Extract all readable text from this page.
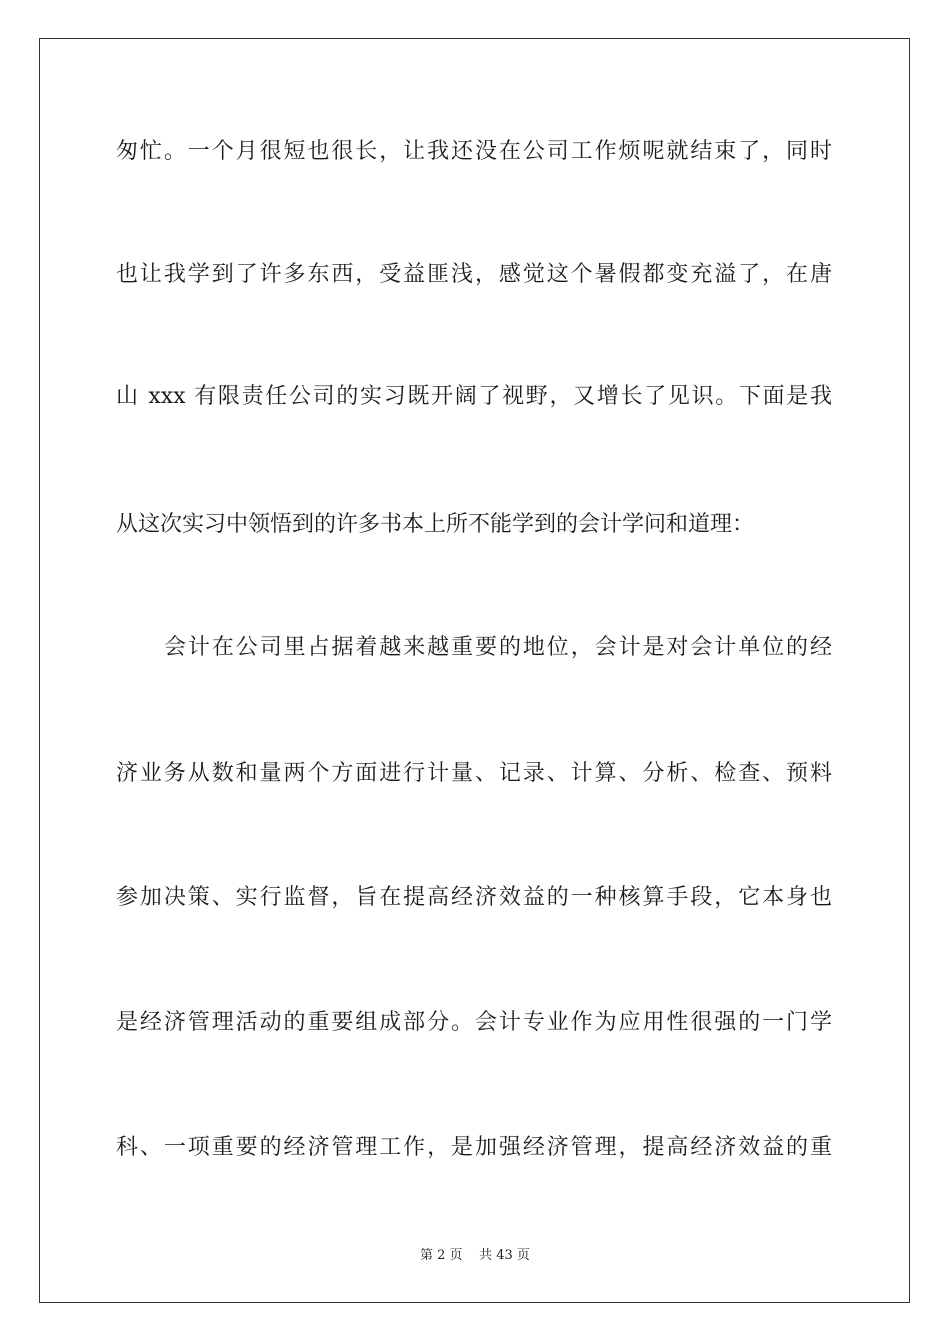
匆忙。一个月很短也很长，让我还没在公司工作烦呢就结束了，同时
也让我学到了许多东西，受益匪浅，感觉这个暑假都变充溢了，在唐
山 xxx 有限责任公司的实习既开阔了视野，又增长了见识。下面是我
从这次实习中领悟到的许多书本上所不能学到的会计学问和道理：
会计在公司里占据着越来越重要的地位，会计是对会计单位的经
济业务从数和量两个方面进行计量、记录、计算、分析、检查、预料
参加决策、实行监督，旨在提高经济效益的一种核算手段，它本身也
是经济管理活动的重要组成部分。会计专业作为应用性很强的一门学
科、一项重要的经济管理工作，是加强经济管理，提高经济效益的重
第 2 页 共 43 页
